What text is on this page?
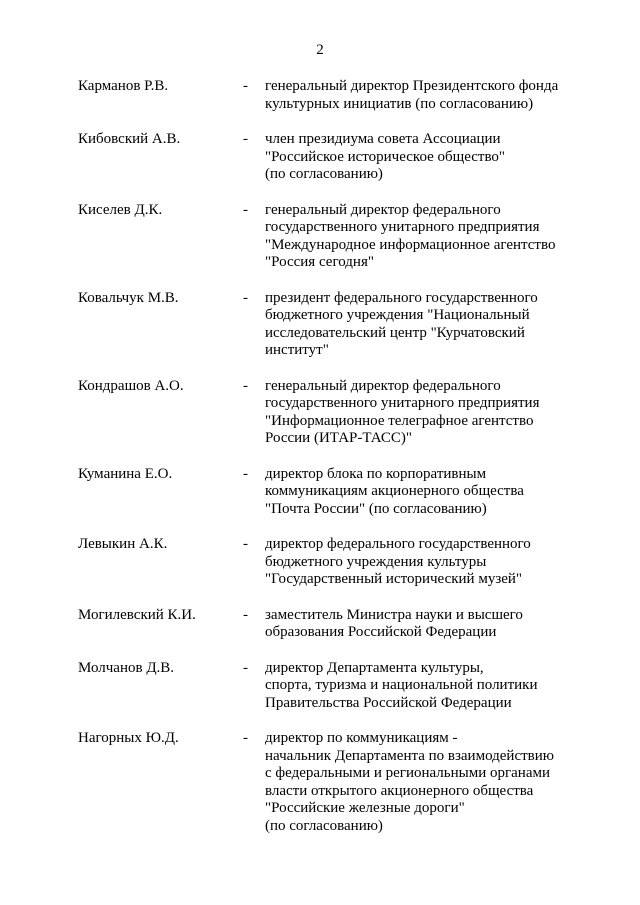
2
Карманов Р.В.	- генеральный директор Президентского фонда
культурных инициатив (по согласованию)
Кибовский А.В.	- член президиума совета Ассоциации
"Российское историческое общество"
(по согласованию)
Киселев Д.К.	- генеральный директор федерального
государственного унитарного предприятия
"Международное информационное агентство
"Россия сегодня"
Ковальчук М.В.	- президент федерального государственного
бюджетного учреждения "Национальный
исследовательский центр "Курчатовский
институт"
Кондрашов А.О.	- генеральный директор федерального
государственного унитарного предприятия
"Информационное телеграфное агентство
России (ИТАР-ТАСС)"
Куманина Е.О.	- директор блока по корпоративным
коммуникациям акционерного общества
"Почта России" (по согласованию)
Левыкин А.К.	- директор федерального государственного
бюджетного учреждения культуры
"Государственный исторический музей"
Могилевский К.И.	- заместитель Министра науки и высшего
образования Российской Федерации
Молчанов Д.В.	- директор Департамента культуры,
спорта, туризма и национальной политики
Правительства Российской Федерации
Нагорных Ю.Д.	- директор по коммуникациям -
начальник Департамента по взаимодействию
с федеральными и региональными органами
власти открытого акционерного общества
"Российские железные дороги"
(по согласованию)
